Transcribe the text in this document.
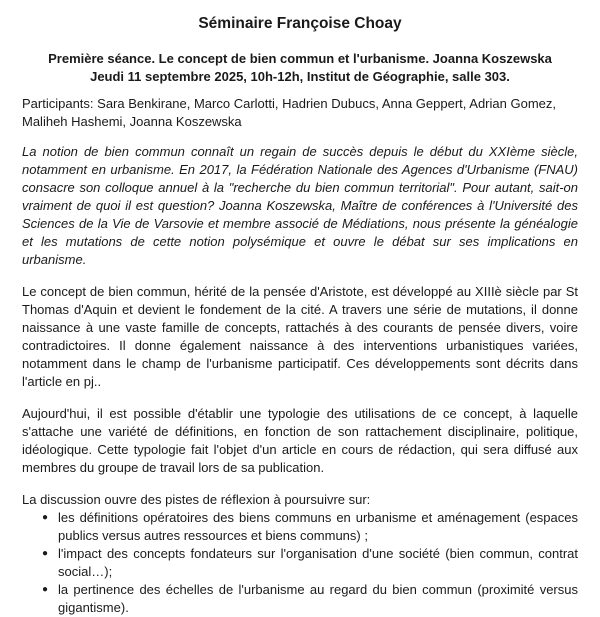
Séminaire Françoise Choay
Première séance. Le concept de bien commun et l'urbanisme. Joanna Koszewska
Jeudi 11 septembre 2025, 10h-12h, Institut de Géographie, salle 303.

Participants: Sara Benkirane, Marco Carlotti, Hadrien Dubucs, Anna Geppert, Adrian Gomez, Maliheh Hashemi, Joanna Koszewska

La notion de bien commun connaît un regain de succès depuis le début du XXIème siècle, notamment en urbanisme. En 2017, la Fédération Nationale des Agences d'Urbanisme (FNAU) consacre son colloque annuel à la "recherche du bien commun territorial". Pour autant, sait-on vraiment de quoi il est question? Joanna Koszewska, Maître de conférences à l'Université des Sciences de la Vie de Varsovie et membre associé de Médiations, nous présente la généalogie et les mutations de cette notion polysémique et ouvre le débat sur ses implications en urbanisme.

Le concept de bien commun, hérité de la pensée d'Aristote, est développé au XIIIè siècle par St Thomas d'Aquin et devient le fondement de la cité. A travers une série de mutations, il donne naissance à une vaste famille de concepts, rattachés à des courants de pensée divers, voire contradictoires. Il donne également naissance à des interventions urbanistiques variées, notamment dans le champ de l'urbanisme participatif. Ces développements sont décrits dans l'article en pj..

Aujourd'hui, il est possible d'établir une typologie des utilisations de ce concept, à laquelle s'attache une variété de définitions, en fonction de son rattachement disciplinaire, politique, idéologique. Cette typologie fait l'objet d'un article en cours de rédaction, qui sera diffusé aux membres du groupe de travail lors de sa publication.

La discussion ouvre des pistes de réflexion à poursuivre sur:

● les définitions opératoires des biens communs en urbanisme et aménagement (espaces publics versus autres ressources et biens communs) ;
● l'impact des concepts fondateurs sur l'organisation d'une société (bien commun, contrat social…);
● la pertinence des échelles de l'urbanisme au regard du bien commun (proximité versus gigantisme).
